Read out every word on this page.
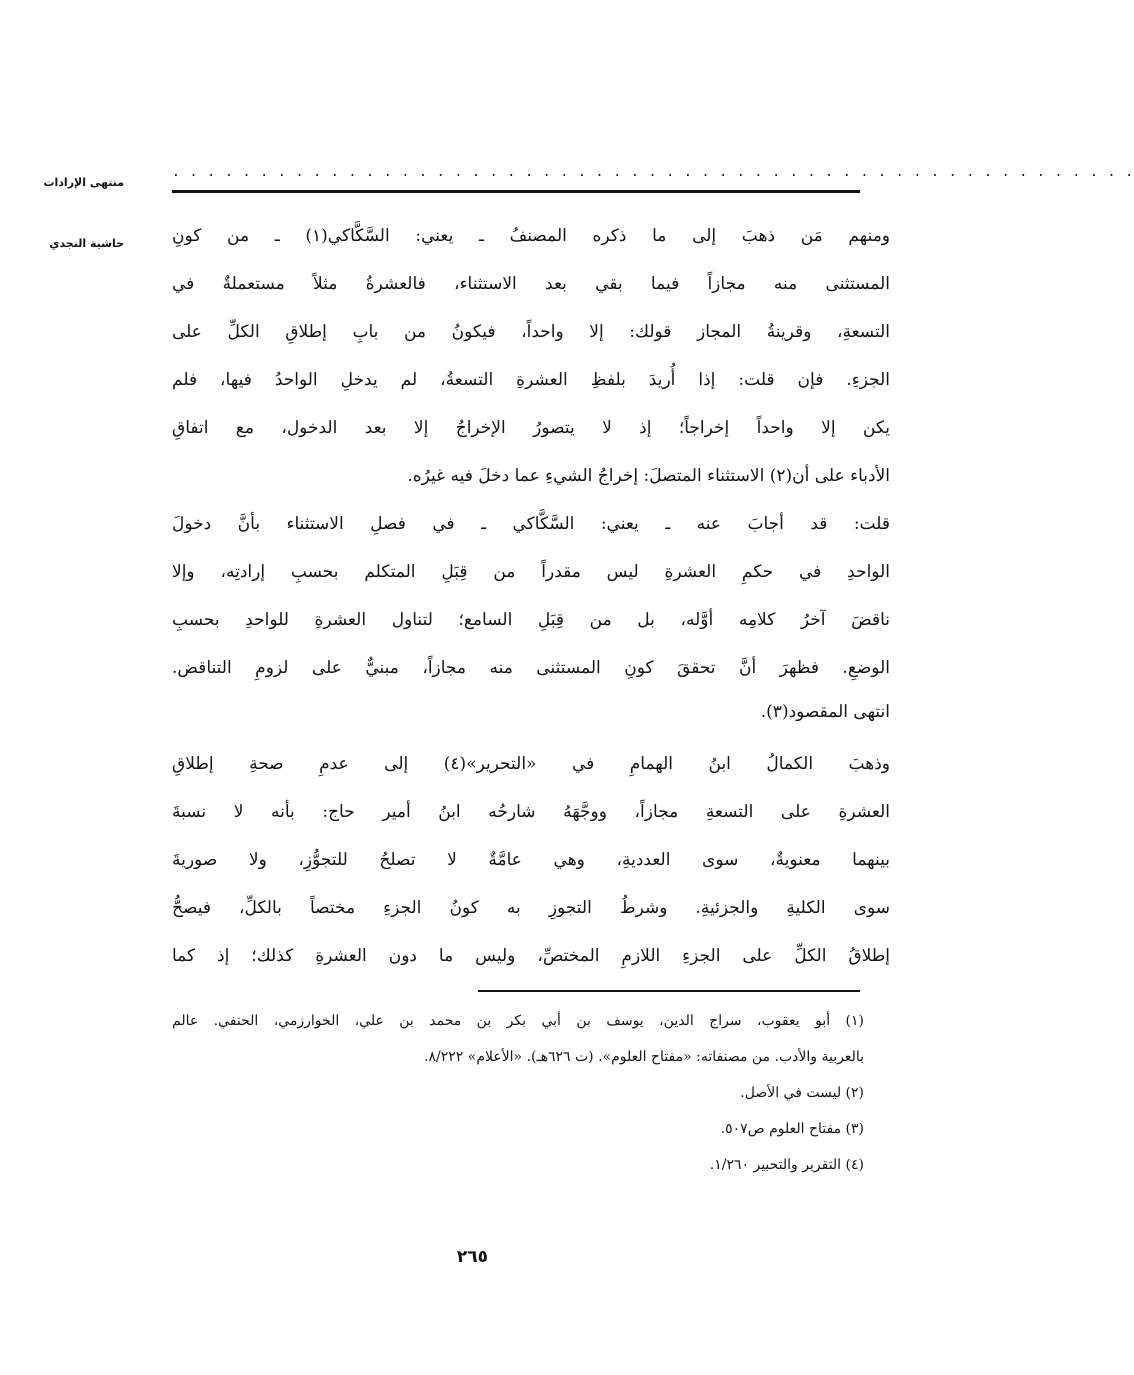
منتهى الإرادات
حاشية النجدي
. . . . . . . . . . . . . . . . . . . . . . . . . . . . . . . . . . . . . . . . . . . . . . . . . . . . . . .
ومنهم مَن ذهبَ إلى ما ذكره المصنفُ ـ يعني: السَّكَّاكي(١) ـ من كونِ
المستثنى منه مجازاً فيما بقي بعد الاستثناء، فالعشرةُ مثلاً مستعملةٌ في
التسعةِ، وقرينةُ المجاز قولك: إلا واحداً، فيكونُ من بابِ إطلاقِ الكلِّ على
الجزءِ. فإن قلت: إذا أُريدَ بلفظِ العشرةِ التسعةُ، لم يدخلِ الواحدُ فيها، فلم
يكن إلا واحداً إخراجاً؛ إذ لا يتصورُ الإخراجُ إلا بعد الدخول، مع اتفاقِ
الأدباء على أن(٢) الاستثناء المتصلَ: إخراجُ الشيءِ عما دخلَ فيه غيرُه.
قلت: قد أجابَ عنه ـ يعني: السَّكَّاكي ـ في فصلِ الاستثناء بأنَّ دخولَ
الواحدِ في حكمِ العشرةِ ليس مقدراً من قِبَلِ المتكلم بحسبِ إرادتِه، وإلا
ناقضَ آخرُ كلامِه أوَّله، بل من قِبَلِ السامع؛ لتناول العشرةِ للواحدِ بحسبِ
الوضعِ. فظهرَ أنَّ تحققَ كونِ المستثنى منه مجازاً، مبنيٌّ على لزومِ التناقض.
انتهى المقصود(٣).
وذهبَ الكمالُ ابنُ الهمامِ في «التحرير»(٤) إلى عدمِ صحةِ إطلاقِ
العشرةِ على التسعةِ مجازاً، ووجَّهَهُ شارحُه ابنُ أمير حاج: بأنه لا نسبةَ
بينهما معنويةٌ، سوى العدديةِ، وهي عامَّةٌ لا تصلحُ للتجوُّزِ، ولا صوريةَ
سوى الكليةِ والجزئيةِ. وشرطُ التجوزِ به كونُ الجزءِ مختصاً بالكلِّ، فيصحُّ
إطلاقُ الكلِّ على الجزءِ اللازمِ المختصِّ، وليس ما دون العشرةِ كذلك؛ إذ كما
(١) أبو يعقوب، سراج الدين، يوسف بن أبي بكر بن محمد بن علي، الخوارزمي، الحنفي. عالم
بالعربية والأدب. من مصنفاته: «مفتاح العلوم». (ت ٦٢٦هـ). «الأعلام» ٨/٢٢٢.
(٢) ليست في الأصل.
(٣) مفتاح العلوم ص٥٠٧.
(٤) التقرير والتحبير ١/٢٦٠.
٢٦٥
